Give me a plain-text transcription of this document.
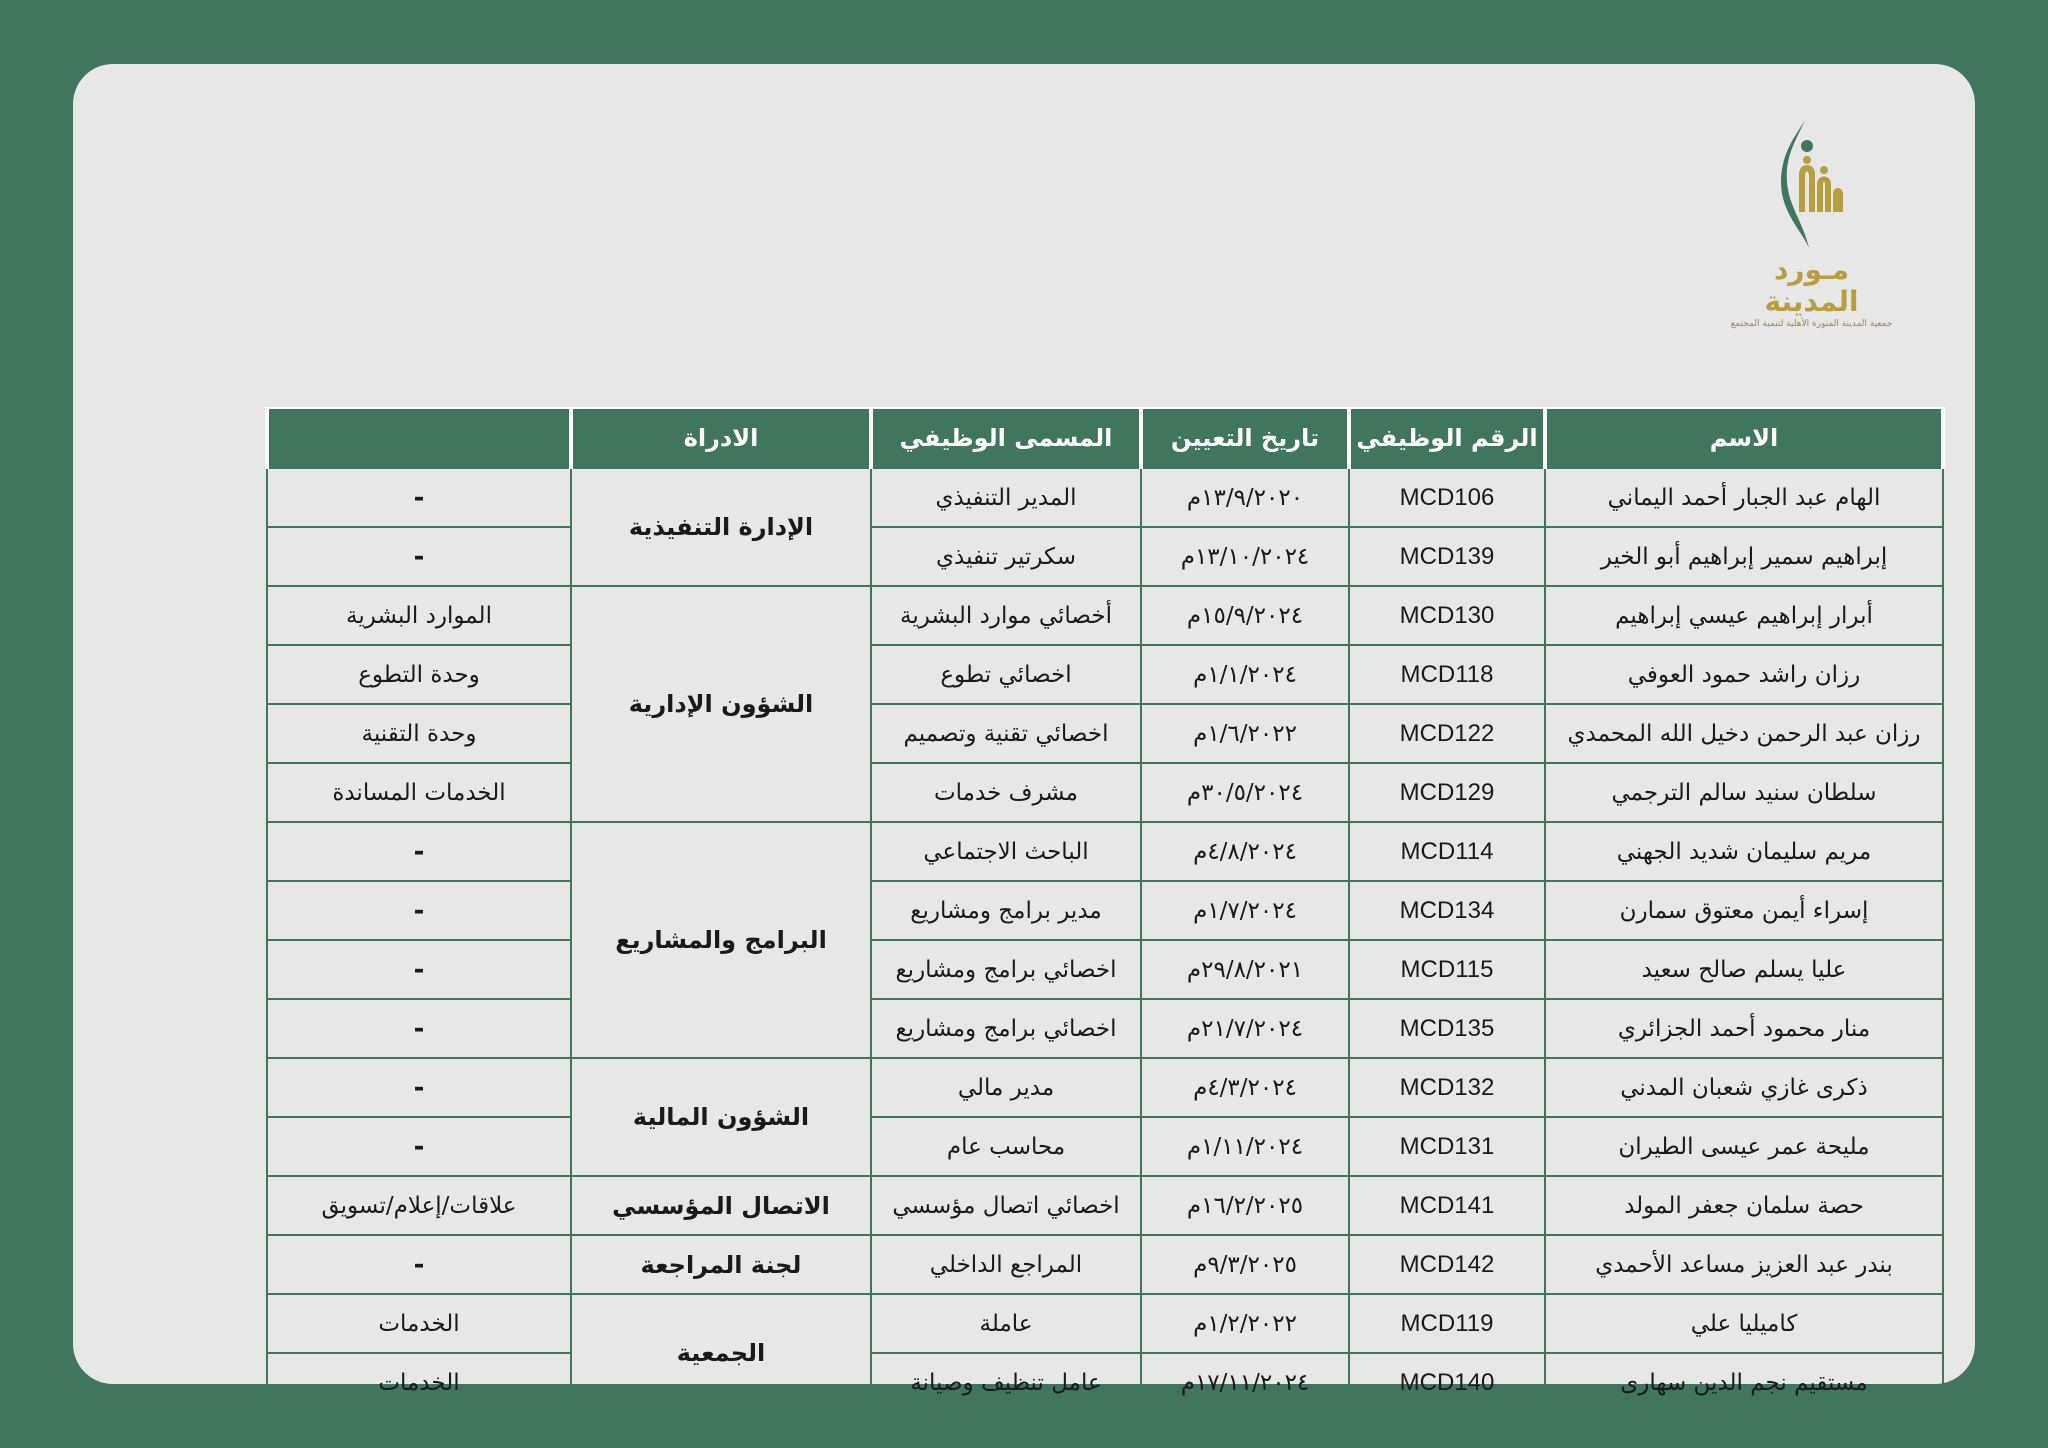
مـورد المدينة
جمعية المدينة المنورة الأهلية لتنمية المجتمع
الاسم	الرقم الوظيفي	تاريخ التعيين	المسمى الوظيفي	الادراة	
الهام عبد الجبار أحمد اليماني	MCD106	١٣/٩/٢٠٢٠م	المدير التنفيذي	الإدارة التنفيذية	-
إبراهيم سمير إبراهيم أبو الخير	MCD139	١٣/١٠/٢٠٢٤م	سكرتير تنفيذي		-
أبرار إبراهيم عيسي إبراهيم	MCD130	١٥/٩/٢٠٢٤م	أخصائي موارد البشرية	الشؤون الإدارية	الموارد البشرية
رزان راشد حمود العوفي	MCD118	١/١/٢٠٢٤م	اخصائي تطوع		وحدة التطوع
رزان عبد الرحمن دخيل الله المحمدي	MCD122	١/٦/٢٠٢٢م	اخصائي تقنية وتصميم		وحدة التقنية
سلطان سنيد سالم الترجمي	MCD129	٣٠/٥/٢٠٢٤م	مشرف خدمات		الخدمات المساندة
مريم سليمان شديد الجهني	MCD114	٤/٨/٢٠٢٤م	الباحث الاجتماعي	البرامج والمشاريع	-
إسراء أيمن معتوق سمارن	MCD134	١/٧/٢٠٢٤م	مدير برامج ومشاريع		-
عليا يسلم صالح سعيد	MCD115	٢٩/٨/٢٠٢١م	اخصائي برامج ومشاريع		-
منار محمود أحمد الجزائري	MCD135	٢١/٧/٢٠٢٤م	اخصائي برامج ومشاريع		-
ذكرى غازي شعبان المدني	MCD132	٤/٣/٢٠٢٤م	مدير مالي	الشؤون المالية	-
مليحة عمر عيسى الطيران	MCD131	١/١١/٢٠٢٤م	محاسب عام		-
حصة سلمان جعفر المولد	MCD141	١٦/٢/٢٠٢٥م	اخصائي اتصال مؤسسي	الاتصال المؤسسي	علاقات/إعلام/تسويق
بندر عبد العزيز مساعد الأحمدي	MCD142	٩/٣/٢٠٢٥م	المراجع الداخلي	لجنة المراجعة	-
كاميليا علي	MCD119	١/٢/٢٠٢٢م	عاملة	الجمعية	الخدمات
مستقيم نجم الدين سهارى	MCD140	١٧/١١/٢٠٢٤م	عامل تنظيف وصيانة		الخدمات
